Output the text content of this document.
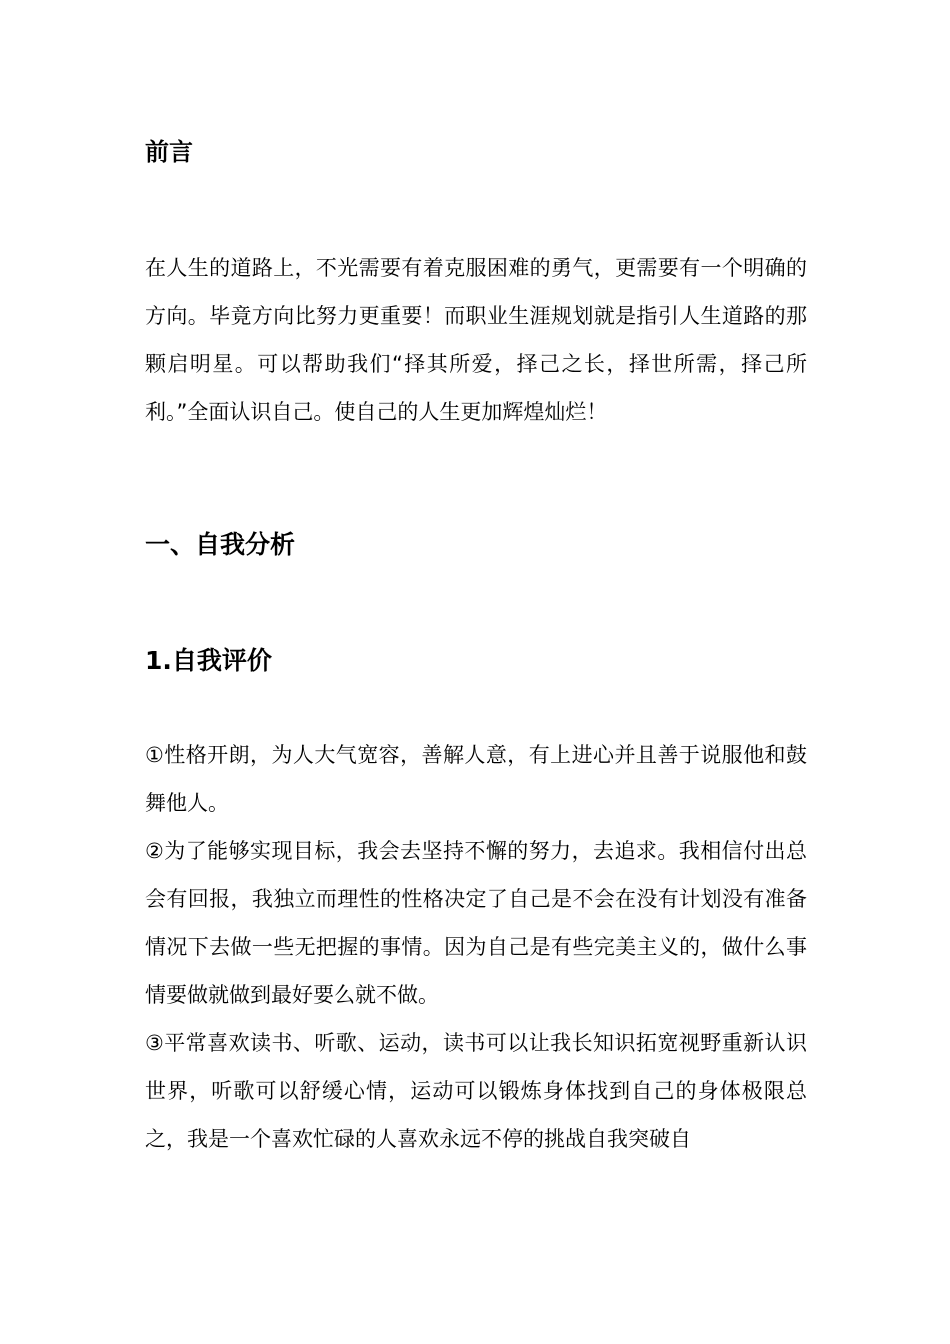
前言

在人生的道路上，不光需要有着克服困难的勇气，更需要有一个明确的方向。毕竟方向比努力更重要！而职业生涯规划就是指引人生道路的那颗启明星。可以帮助我们“择其所爱，择己之长，择世所需，择己所利。”全面认识自己。使自己的人生更加辉煌灿烂！

一、自我分析
1.自我评价

①性格开朗，为人大气宽容，善解人意，有上进心并且善于说服他和鼓舞他人。

②为了能够实现目标，我会去坚持不懈的努力，去追求。我相信付出总会有回报，我独立而理性的性格决定了自己是不会在没有计划没有准备情况下去做一些无把握的事情。因为自己是有些完美主义的，做什么事情要做就做到最好要么就不做。

③平常喜欢读书、听歌、运动，读书可以让我长知识拓宽视野重新认识世界，听歌可以舒缓心情，运动可以锻炼身体找到自己的身体极限总之，我是一个喜欢忙碌的人喜欢永远不停的挑战自我突破自
